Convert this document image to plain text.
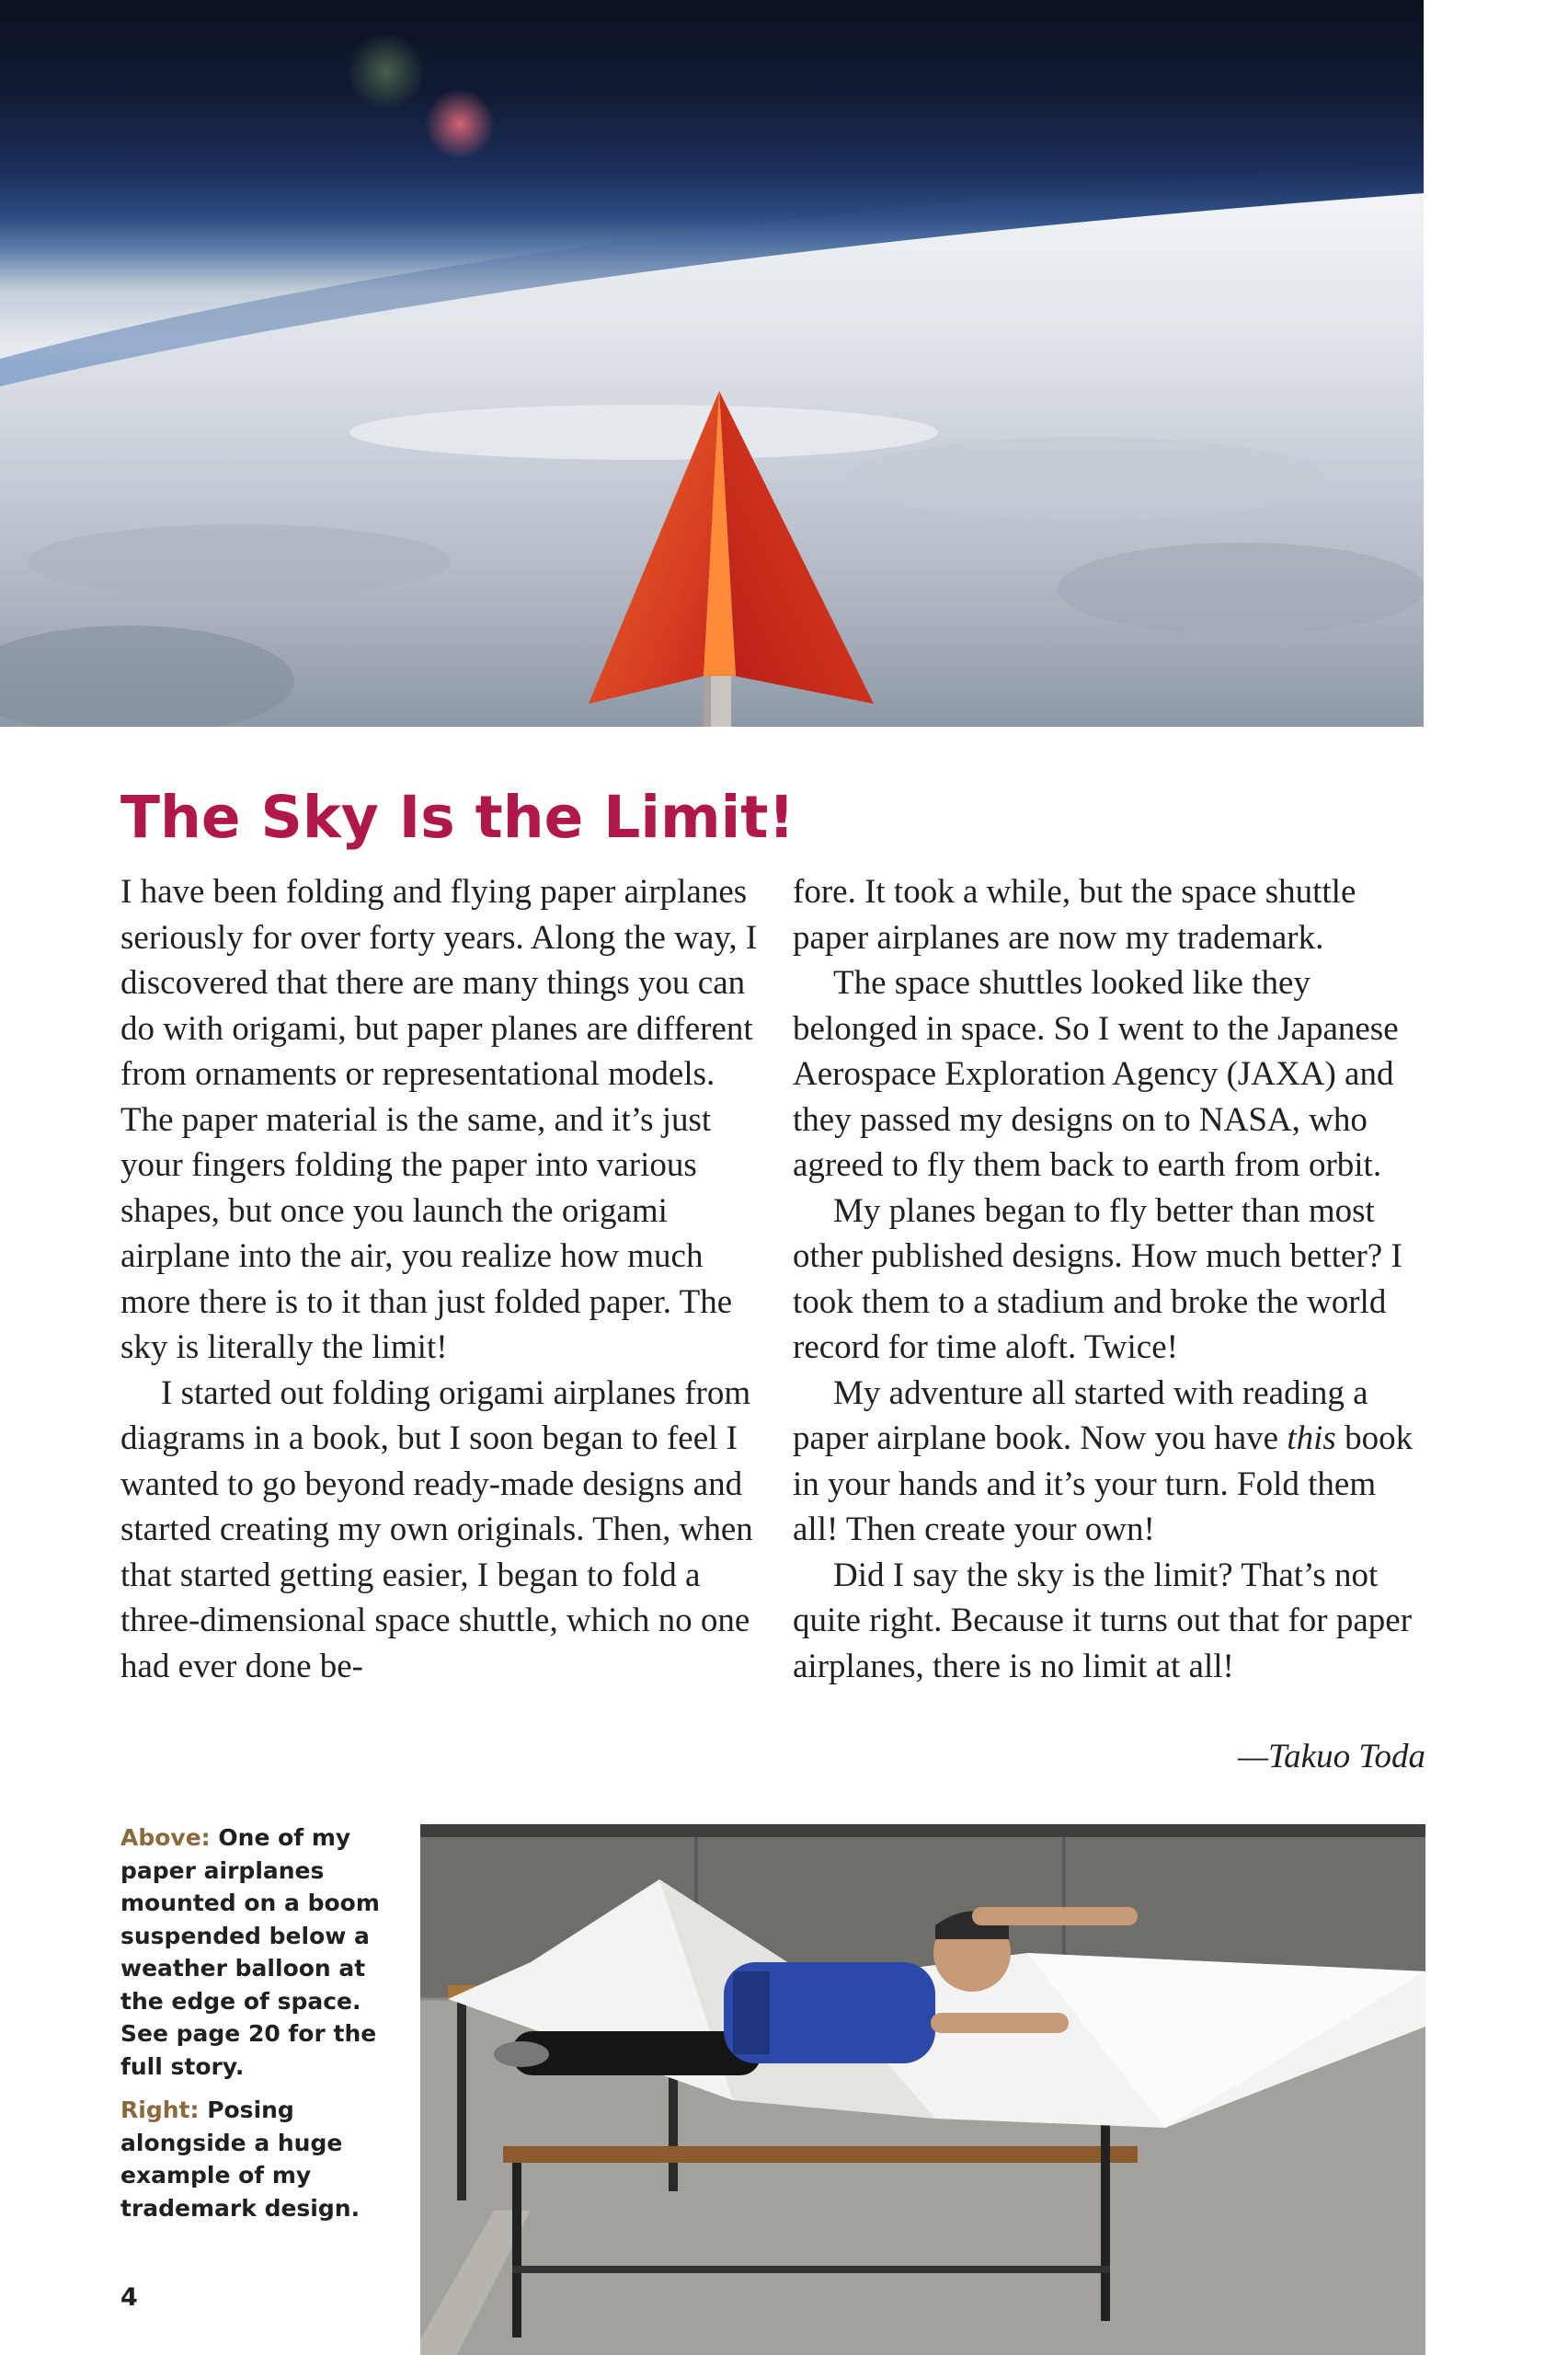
The Sky Is the Limit!

I have been folding and flying paper airplanes seriously for over forty years. Along the way, I discovered that there are many things you can do with origami, but paper planes are different from ornaments or representational models. The paper material is the same, and it’s just your fingers folding the paper into various shapes, but once you launch the origami airplane into the air, you realize how much more there is to it than just folded paper. The sky is literally the limit!

I started out folding origami airplanes from diagrams in a book, but I soon began to feel I wanted to go beyond ready-made designs and started creating my own originals. Then, when that started getting easier, I began to fold a three-dimensional space shuttle, which no one had ever done be-

fore. It took a while, but the space shuttle paper airplanes are now my trademark.

The space shuttles looked like they belonged in space. So I went to the Japanese Aerospace Exploration Agency (JAXA) and they passed my designs on to NASA, who agreed to fly them back to earth from orbit.

My planes began to fly better than most other published designs. How much better? I took them to a stadium and broke the world record for time aloft. Twice!

My adventure all started with reading a paper airplane book. Now you have this book in your hands and it’s your turn. Fold them all! Then create your own!

Did I say the sky is the limit? That’s not quite right. Because it turns out that for paper airplanes, there is no limit at all!

—Takuo Toda

Above: One of my paper airplanes mounted on a boom suspended below a weather balloon at the edge of space. See page 20 for the full story.

Right: Posing alongside a huge example of my trademark design.

4
